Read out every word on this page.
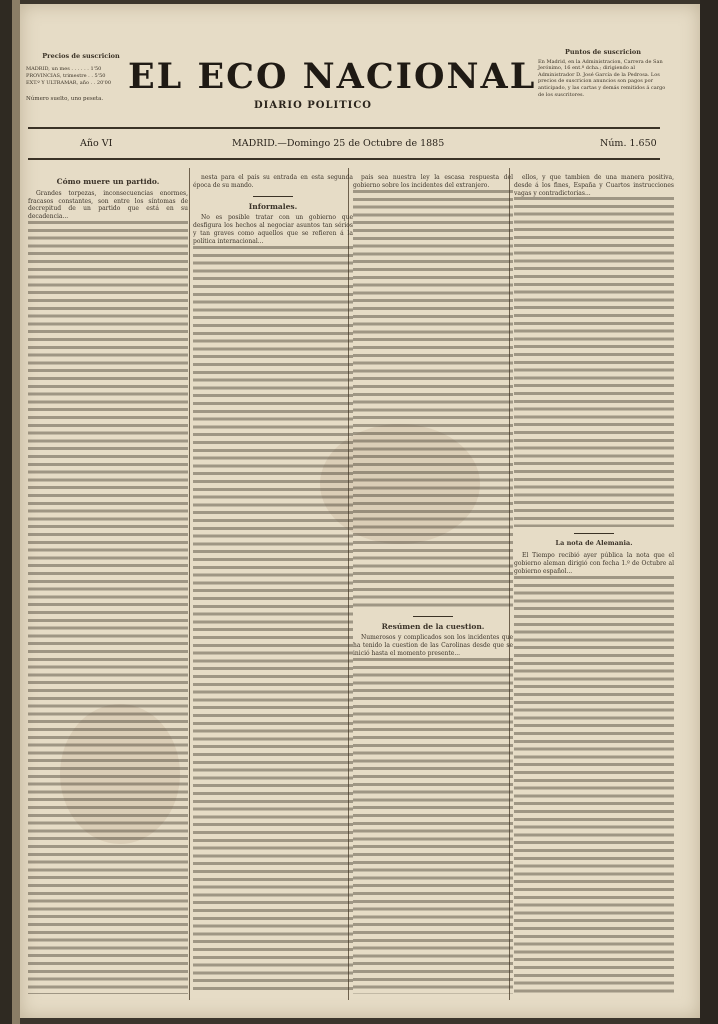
Precios de suscricion
MADRID, un mes . . . . . . 1'50
PROVINCIAS, trimestre . . 5'50
EXT.º Y ULTRAMAR, año . . 20'00
Número suelto, uno peseta.
EL ECO NACIONAL
DIARIO POLITICO
Puntos de suscricion
En Madrid, en la Administracion, Carrera de San Jerónimo, 16 ent.º dcha.; dirigiendo al Administrador D. José García de la Pedrosa. Los precios de suscricion anuncios son pagos por anticipado, y las cartas y demás remitidos á cargo de los suscritores.
Año VI	MADRID.—Domingo 25 de Octubre de 1885	Núm. 1.650
Cómo muere un partido.

Grandes torpezas, inconsecuencias enormes, fracasos constantes, son entre los síntomas de decrepitud de un partido que está en su decadencia...

nesta para el país su entrada en esta segunda época de su mando.

Informales.

No es posible tratar con un gobierno que desfigura los hechos al negociar asuntos tan sérios y tan graves como aquellos que se refieren á la política internacional...

país sea nuestra ley la escasa respuesta del gobierno sobre los incidentes del extranjero.

Resúmen de la cuestion.

Numerosos y complicados son los incidentes que ha tenido la cuestion de las Carolinas desde que se inició hasta el momento presente...

ellos, y que tambien de una manera positiva, desde á los fines, España y Cuartos instrucciones vagas y contradictorias...

La nota de Alemania.

El Tiempo recibió ayer pública la nota que el gobierno aleman dirigió con fecha 1.º de Octubre al gobierno español...
